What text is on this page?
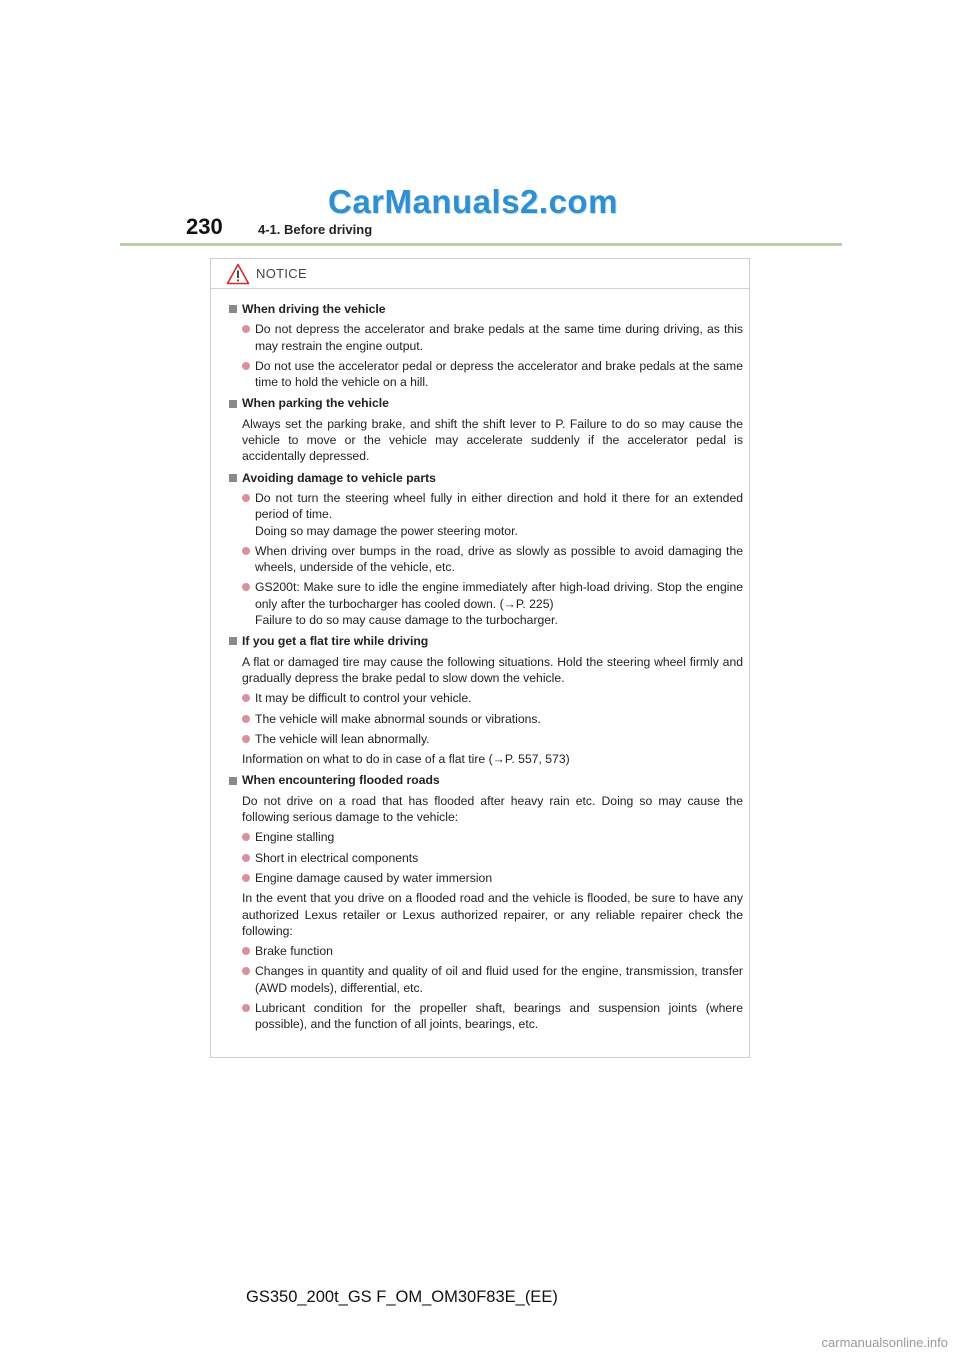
CarManuals2.com
230	4-1. Before driving
NOTICE
When driving the vehicle
Do not depress the accelerator and brake pedals at the same time during driving, as this may restrain the engine output.
Do not use the accelerator pedal or depress the accelerator and brake pedals at the same time to hold the vehicle on a hill.
When parking the vehicle
Always set the parking brake, and shift the shift lever to P. Failure to do so may cause the vehicle to move or the vehicle may accelerate suddenly if the accelerator pedal is accidentally depressed.
Avoiding damage to vehicle parts
Do not turn the steering wheel fully in either direction and hold it there for an extended period of time.
Doing so may damage the power steering motor.
When driving over bumps in the road, drive as slowly as possible to avoid damaging the wheels, underside of the vehicle, etc.
GS200t: Make sure to idle the engine immediately after high-load driving. Stop the engine only after the turbocharger has cooled down. (→P. 225)
Failure to do so may cause damage to the turbocharger.
If you get a flat tire while driving
A flat or damaged tire may cause the following situations. Hold the steering wheel firmly and gradually depress the brake pedal to slow down the vehicle.
It may be difficult to control your vehicle.
The vehicle will make abnormal sounds or vibrations.
The vehicle will lean abnormally.
Information on what to do in case of a flat tire (→P. 557, 573)
When encountering flooded roads
Do not drive on a road that has flooded after heavy rain etc. Doing so may cause the following serious damage to the vehicle:
Engine stalling
Short in electrical components
Engine damage caused by water immersion
In the event that you drive on a flooded road and the vehicle is flooded, be sure to have any authorized Lexus retailer or Lexus authorized repairer, or any reliable repairer check the following:
Brake function
Changes in quantity and quality of oil and fluid used for the engine, transmission, transfer (AWD models), differential, etc.
Lubricant condition for the propeller shaft, bearings and suspension joints (where possible), and the function of all joints, bearings, etc.
GS350_200t_GS F_OM_OM30F83E_(EE)
carmanualsonline.info
